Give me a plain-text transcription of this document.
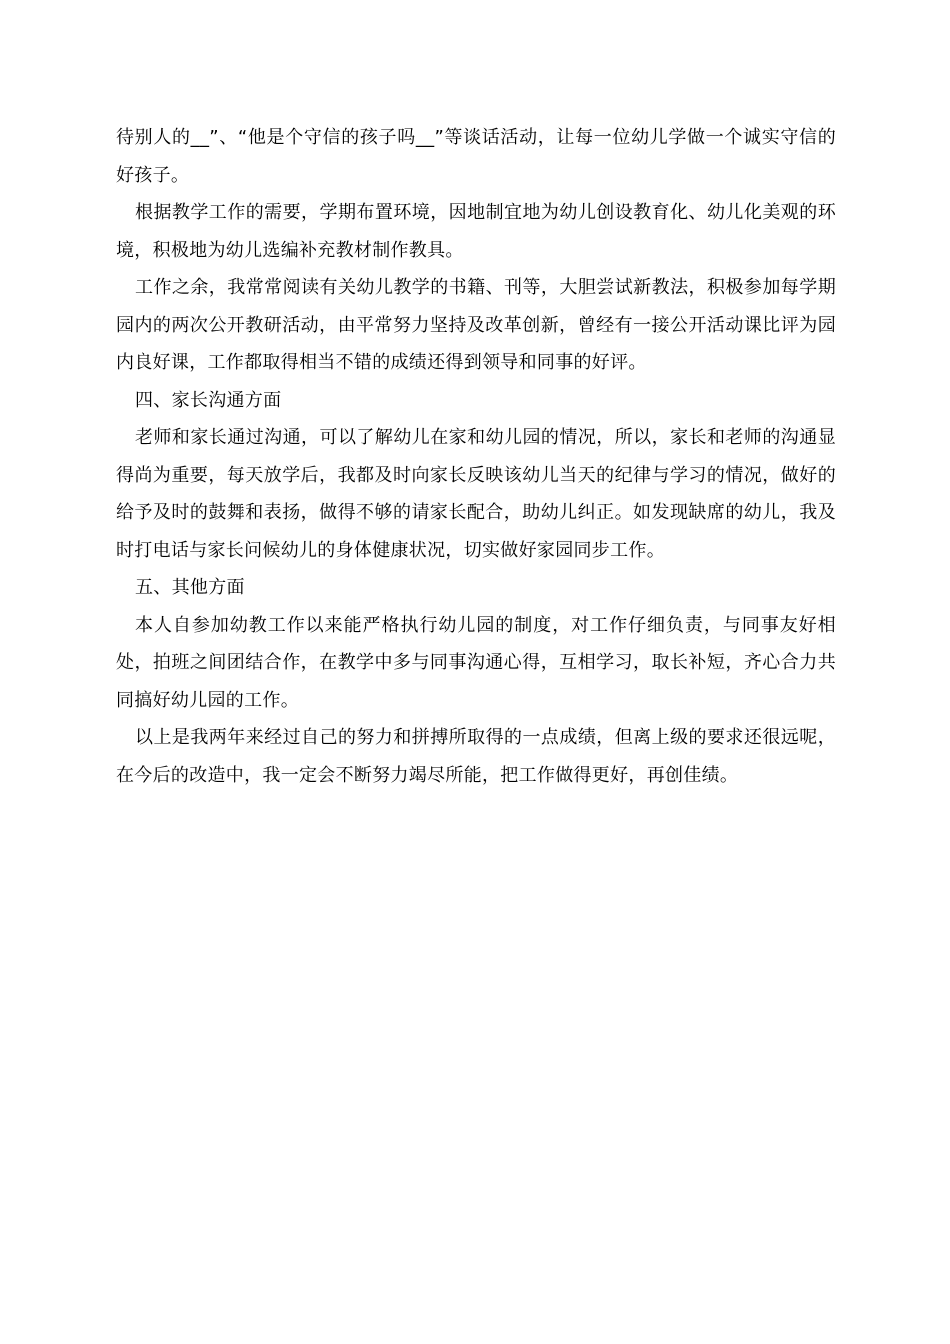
待别人的__”、“他是个守信的孩子吗__”等谈话活动，让每一位幼儿学做一个诚实守信的好孩子。

根据教学工作的需要，学期布置环境，因地制宜地为幼儿创设教育化、幼儿化美观的环境，积极地为幼儿选编补充教材制作教具。

工作之余，我常常阅读有关幼儿教学的书籍、刊等，大胆尝试新教法，积极参加每学期园内的两次公开教研活动，由平常努力坚持及改革创新，曾经有一接公开活动课比评为园内良好课，工作都取得相当不错的成绩还得到领导和同事的好评。

四、家长沟通方面

老师和家长通过沟通，可以了解幼儿在家和幼儿园的情况，所以，家长和老师的沟通显得尚为重要，每天放学后，我都及时向家长反映该幼儿当天的纪律与学习的情况，做好的给予及时的鼓舞和表扬，做得不够的请家长配合，助幼儿纠正。如发现缺席的幼儿，我及时打电话与家长问候幼儿的身体健康状况，切实做好家园同步工作。

五、其他方面

本人自参加幼教工作以来能严格执行幼儿园的制度，对工作仔细负责，与同事友好相处，拍班之间团结合作，在教学中多与同事沟通心得，互相学习，取长补短，齐心合力共同搞好幼儿园的工作。

以上是我两年来经过自己的努力和拼搏所取得的一点成绩，但离上级的要求还很远呢，在今后的改造中，我一定会不断努力竭尽所能，把工作做得更好，再创佳绩。
